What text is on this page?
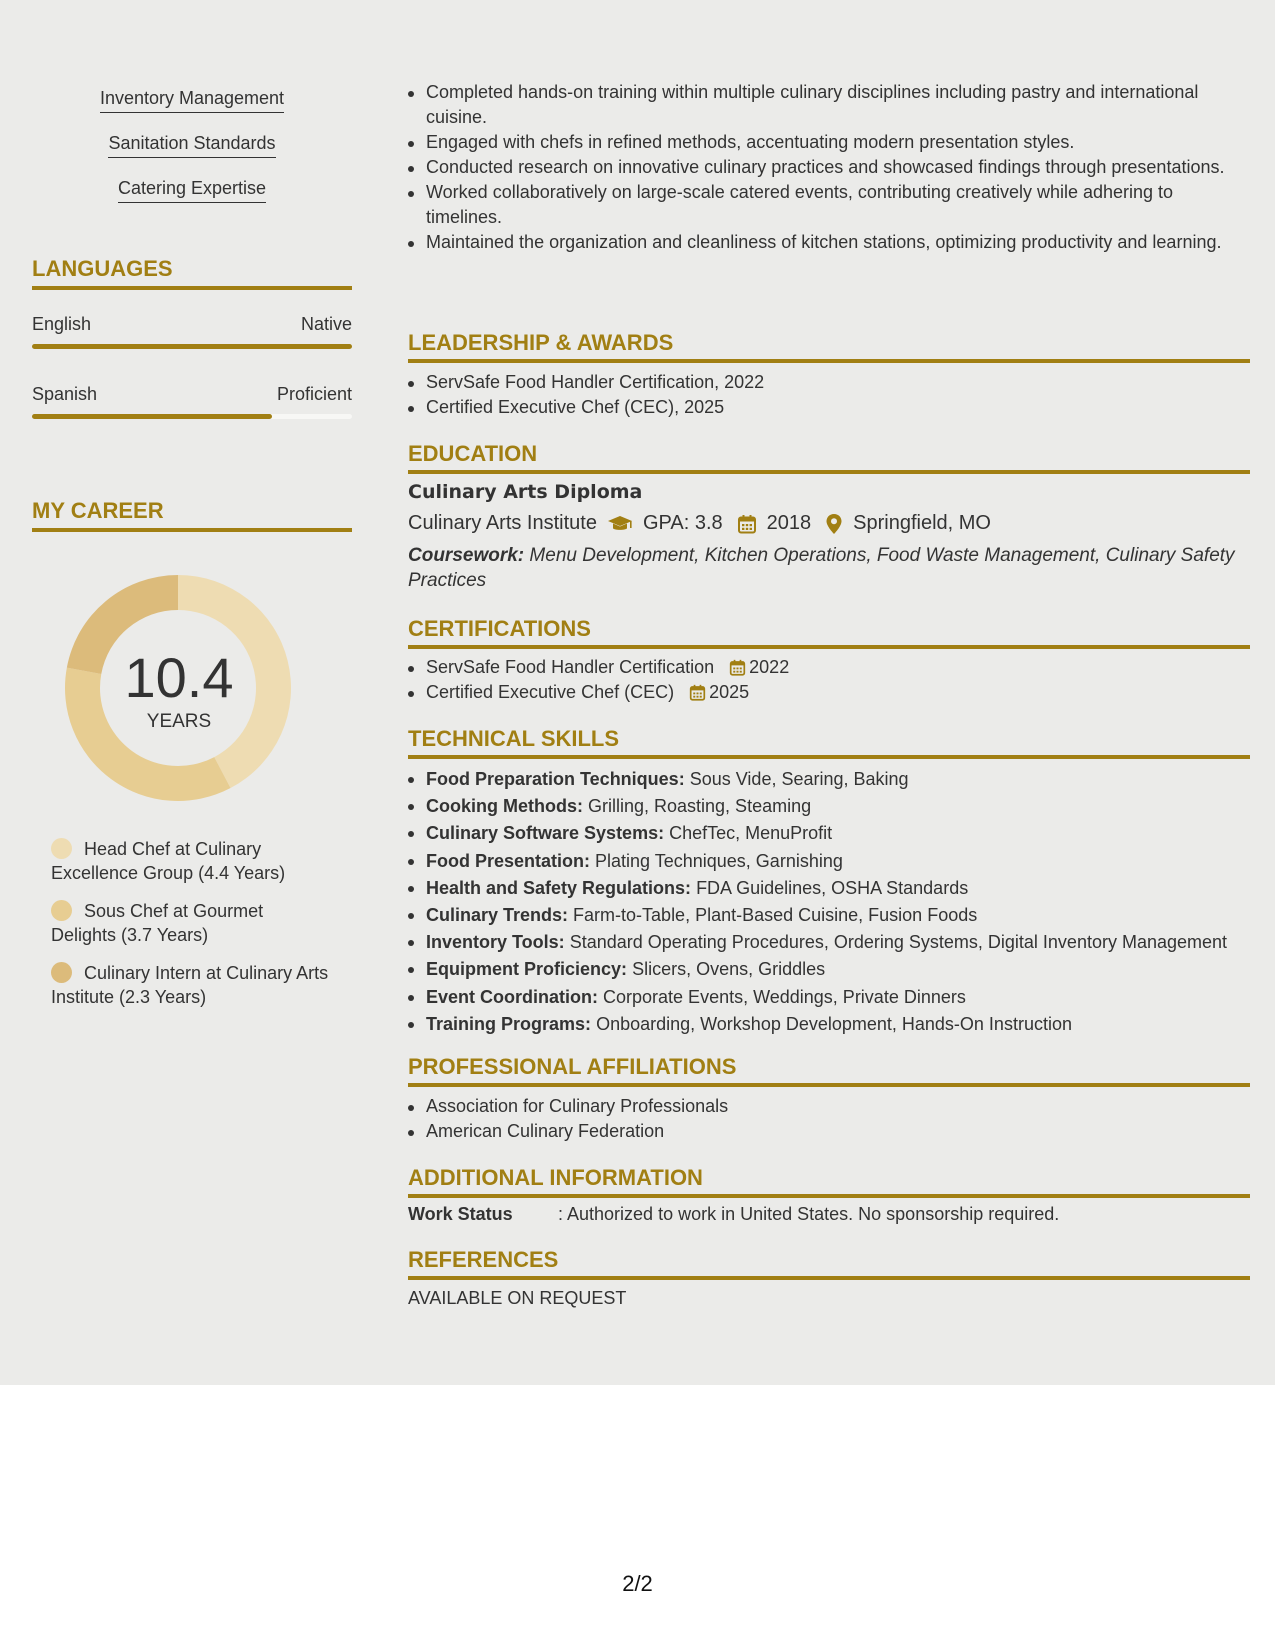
Inventory Management
Sanitation Standards
Catering Expertise
LANGUAGES
English	Native
Spanish	Proficient
MY CAREER
10.4
YEARS
Head Chef at Culinary Excellence Group (4.4 Years)
Sous Chef at Gourmet Delights (3.7 Years)
Culinary Intern at Culinary Arts Institute (2.3 Years)
Completed hands-on training within multiple culinary disciplines including pastry and international cuisine.
Engaged with chefs in refined methods, accentuating modern presentation styles.
Conducted research on innovative culinary practices and showcased findings through presentations.
Worked collaboratively on large-scale catered events, contributing creatively while adhering to timelines.
Maintained the organization and cleanliness of kitchen stations, optimizing productivity and learning.
LEADERSHIP & AWARDS
ServSafe Food Handler Certification, 2022
Certified Executive Chef (CEC), 2025
EDUCATION
Culinary Arts Diploma
Culinary Arts Institute GPA: 3.8 2018 Springfield, MO
Coursework: Menu Development, Kitchen Operations, Food Waste Management, Culinary Safety Practices
CERTIFICATIONS
ServSafe Food Handler Certification 2022
Certified Executive Chef (CEC) 2025
TECHNICAL SKILLS
Food Preparation Techniques: Sous Vide, Searing, Baking
Cooking Methods: Grilling, Roasting, Steaming
Culinary Software Systems: ChefTec, MenuProfit
Food Presentation: Plating Techniques, Garnishing
Health and Safety Regulations: FDA Guidelines, OSHA Standards
Culinary Trends: Farm-to-Table, Plant-Based Cuisine, Fusion Foods
Inventory Tools: Standard Operating Procedures, Ordering Systems, Digital Inventory Management
Equipment Proficiency: Slicers, Ovens, Griddles
Event Coordination: Corporate Events, Weddings, Private Dinners
Training Programs: Onboarding, Workshop Development, Hands-On Instruction
PROFESSIONAL AFFILIATIONS
Association for Culinary Professionals
American Culinary Federation
ADDITIONAL INFORMATION
Work Status	: Authorized to work in United States. No sponsorship required.
REFERENCES
AVAILABLE ON REQUEST
2/2
